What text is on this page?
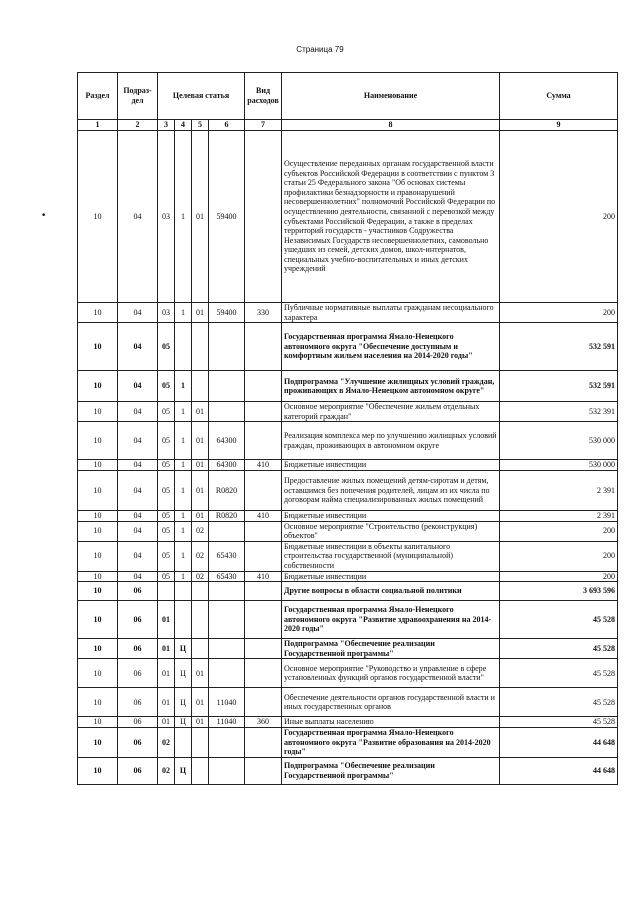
Страница 79
•
Раздел	Подраз-дел	Целевая статья				Вид расходов	Наименование	Сумма
1	2	3	4	5	6	7	8	9
10	04	03	1	01	59400		Осуществление переданных органам государственной власти субъектов Российской Федерации в соответствии с пунктом 3 статьи 25 Федерального закона "Об основах системы профилактики безнадзорности и правонарушений несовершеннолетних" полномочий Российской Федерации по осуществлению деятельности, связанной с перевозкой между субъектами Российской Федерации, а также в пределах территорий государств - участников Содружества Независимых Государств несовершеннолетних, самовольно ушедших из семей, детских домов, школ-интернатов, специальных учебно-воспитательных и иных детских учреждений	200
10	04	03	1	01	59400	330	Публичные нормативные выплаты гражданам несоциального характера	200
10	04	05					Государственная программа Ямало-Ненецкого автономного округа "Обеспечение доступным и комфортным жильем населения на 2014-2020 годы"	532 591
10	04	05	1				Подпрограмма "Улучшение жилищных условий граждан, проживающих в Ямало-Ненецком автономном округе"	532 591
10	04	05	1	01			Основное мероприятие "Обеспечение жильем отдельных категорий граждан"	532 391
10	04	05	1	01	64300		Реализация комплекса мер по улучшению жилищных условий граждан, проживающих в автономном округе	530 000
10	04	05	1	01	64300	410	Бюджетные инвестиции	530 000
10	04	05	1	01	R0820		Предоставление жилых помещений детям-сиротам и детям, оставшимся без попечения родителей, лицам из их числа по договорам найма специализированных жилых помещений	2 391
10	04	05	1	01	R0820	410	Бюджетные инвестиции	2 391
10	04	05	1	02			Основное мероприятие "Строительство (реконструкция) объектов"	200
10	04	05	1	02	65430		Бюджетные инвестиции в объекты капитального строительства государственной (муниципальной) собственности	200
10	04	05	1	02	65430	410	Бюджетные инвестиции	200
10	06						Другие вопросы в области социальной политики	3 693 596
10	06	01					Государственная программа Ямало-Ненецкого автономного округа "Развитие здравоохранения на 2014-2020 годы"	45 528
10	06	01	Ц				Подпрограмма "Обеспечение реализации Государственной программы"	45 528
10	06	01	Ц	01			Основное мероприятие "Руководство и управление в сфере установленных функций органов государственной власти"	45 528
10	06	01	Ц	01	11040		Обеспечение деятельности органов государственной власти и иных государственных органов	45 528
10	06	01	Ц	01	11040	360	Иные выплаты населению	45 528
10	06	02					Государственная программа Ямало-Ненецкого автономного округа "Развитие образования на 2014-2020 годы"	44 648
10	06	02	Ц				Подпрограмма "Обеспечение реализации Государственной программы"	44 648
